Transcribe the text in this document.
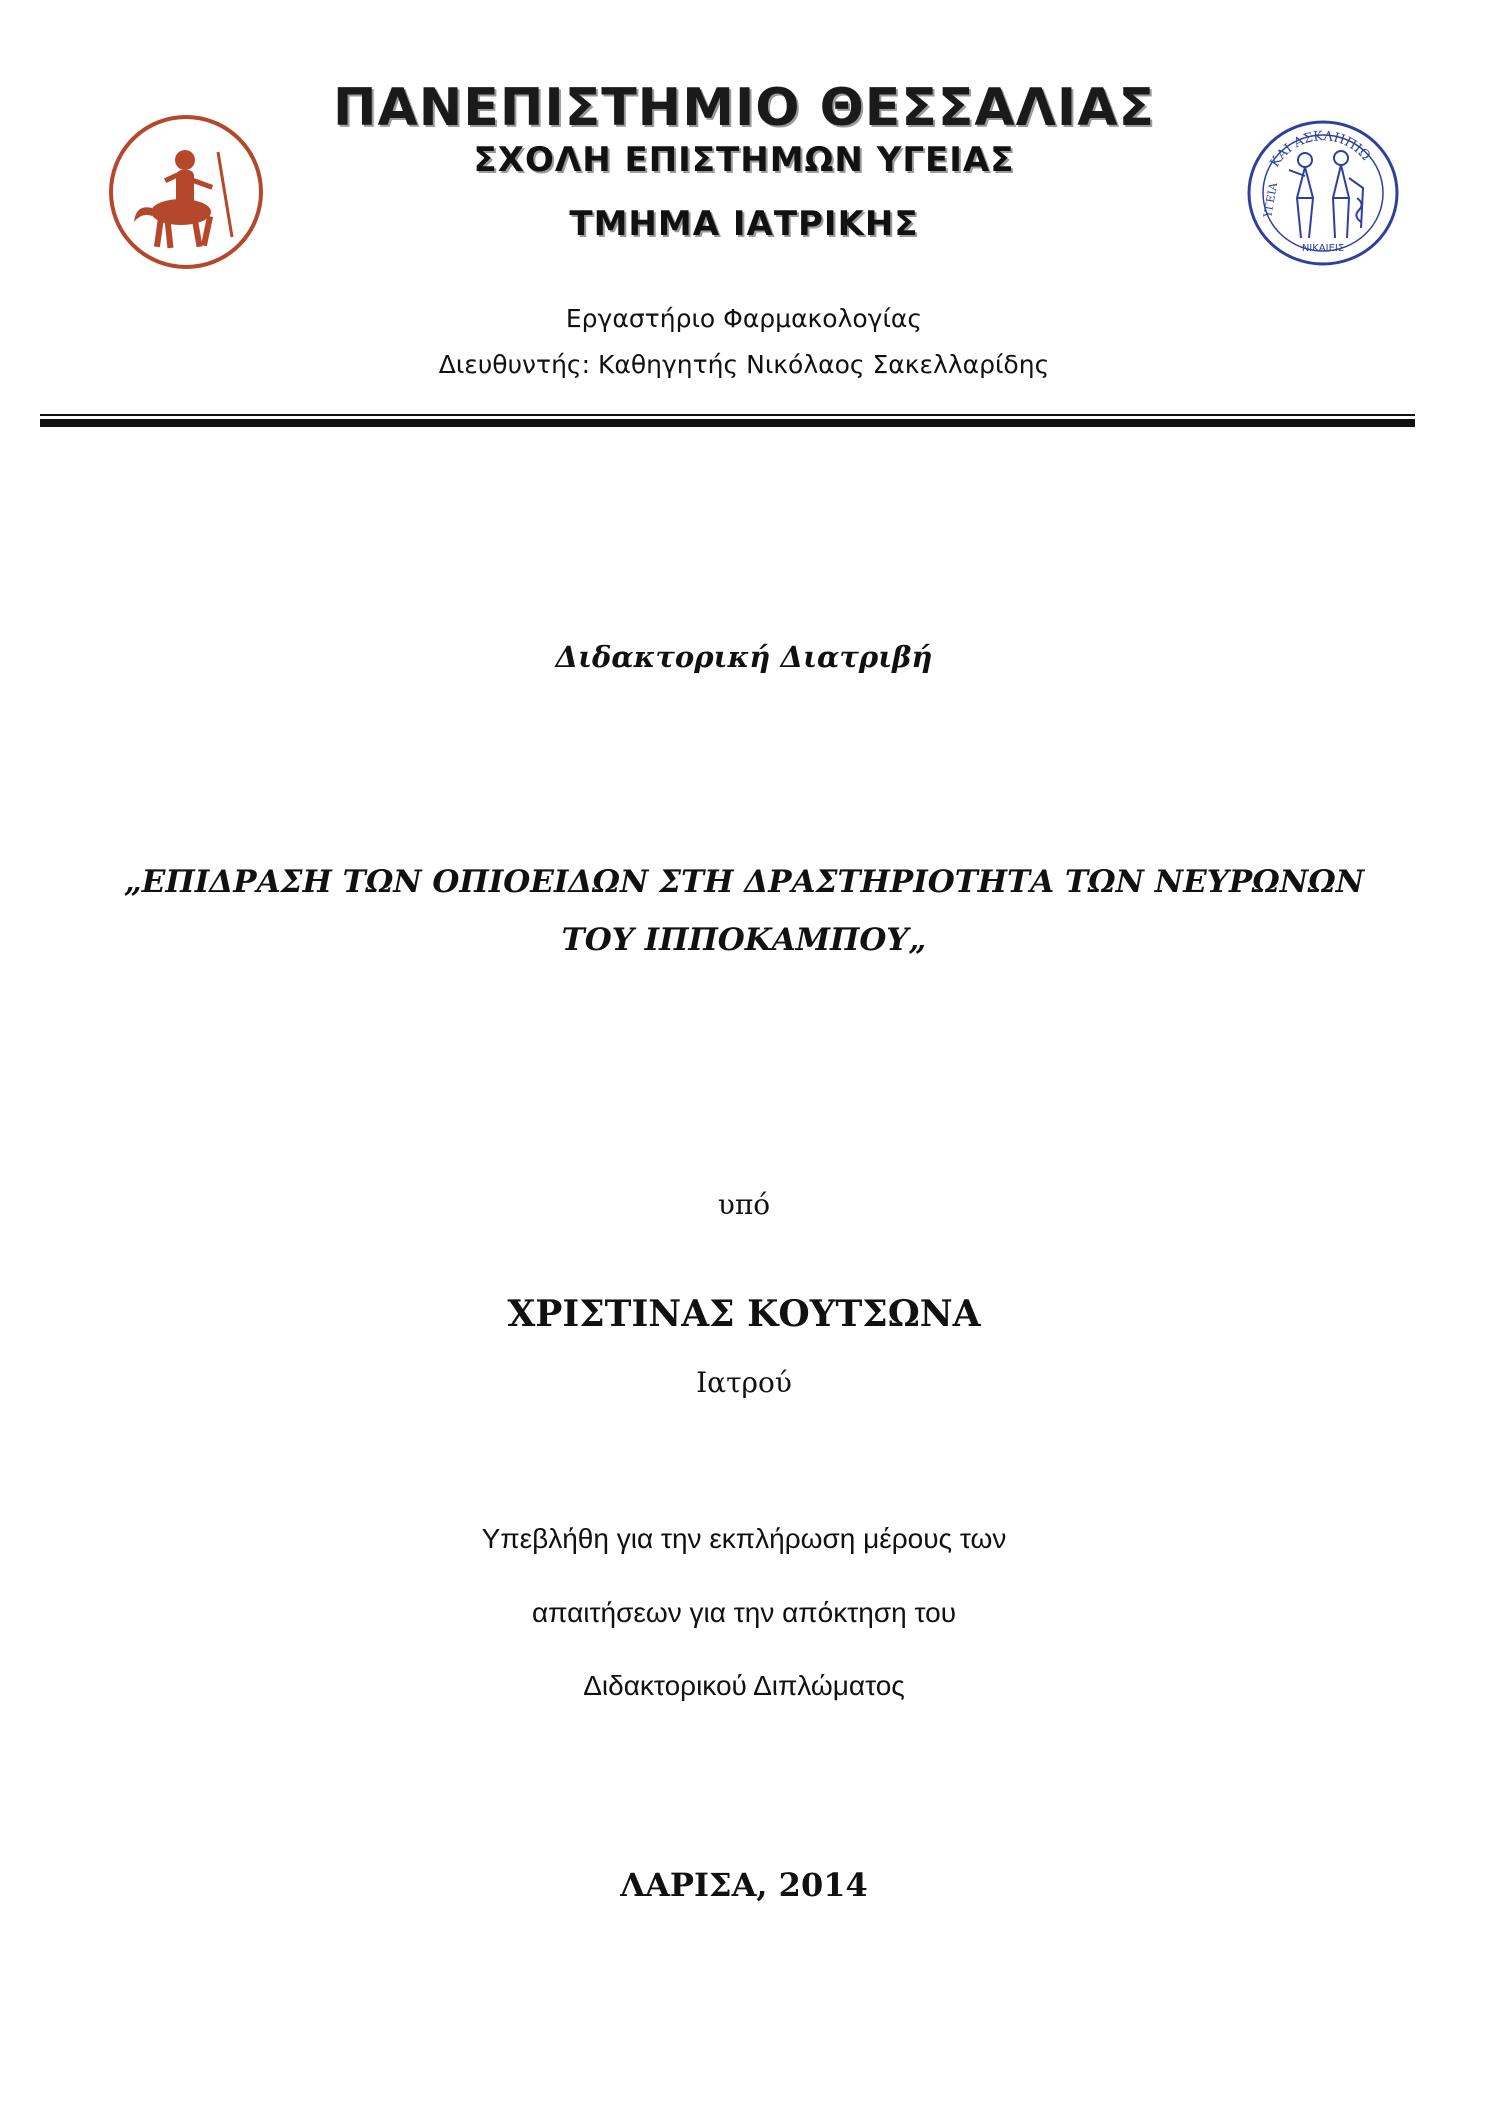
ΚΑΙ ΑΣΚΛΗΠΙΩ
ΥΓΕΙΑ
ΝΙΚΑΙΕΙΣ
ΠΑΝΕΠΙΣΤΗΜΙΟ ΘΕΣΣΑΛΙΑΣ
ΣΧΟΛΗ ΕΠΙΣΤΗΜΩΝ ΥΓΕΙΑΣ
ΤΜΗΜΑ ΙΑΤΡΙΚΗΣ
Εργαστήριο Φαρμακολογίας
Διευθυντής: Καθηγητής Νικόλαος Σακελλαρίδης
Διδακτορική Διατριβή
„ΕΠΙΔΡΑΣΗ ΤΩΝ ΟΠΙΟΕΙΔΩΝ ΣΤΗ ΔΡΑΣΤΗΡΙΟΤΗΤΑ ΤΩΝ ΝΕΥΡΩΝΩΝ
ΤΟΥ ΙΠΠΟΚΑΜΠΟΥ„
υπό
ΧΡΙΣΤΙΝΑΣ ΚΟΥΤΣΩΝΑ
Ιατρού
Υπεβλήθη για την εκπλήρωση μέρους των
απαιτήσεων για την απόκτηση του
Διδακτορικού Διπλώματος
ΛΑΡΙΣΑ, 2014
